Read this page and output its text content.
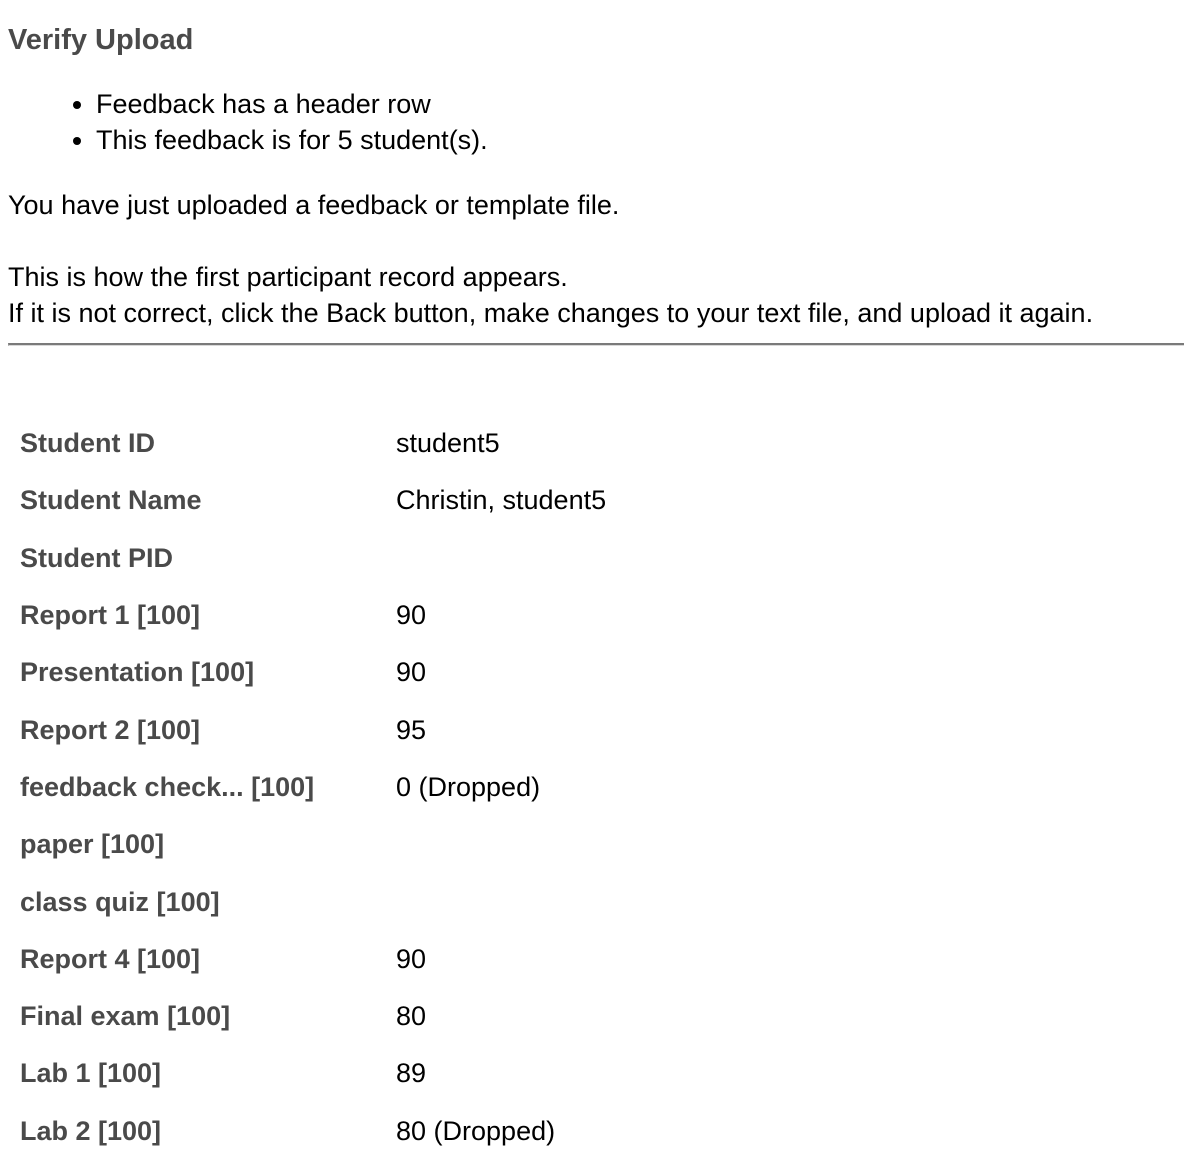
Verify Upload
• Feedback has a header row
• This feedback is for 5 student(s).

You have just uploaded a feedback or template file.

This is how the first participant record appears.
If it is not correct, click the Back button, make changes to your text file, and upload it again.

Student ID	student5
Student Name	Christin, student5
Student PID	
Report 1 [100]	90
Presentation [100]	90
Report 2 [100]	95
feedback check... [100]	0 (Dropped)
paper [100]	
class quiz [100]	
Report 4 [100]	90
Final exam [100]	80
Lab 1 [100]	89
Lab 2 [100]	80 (Dropped)
